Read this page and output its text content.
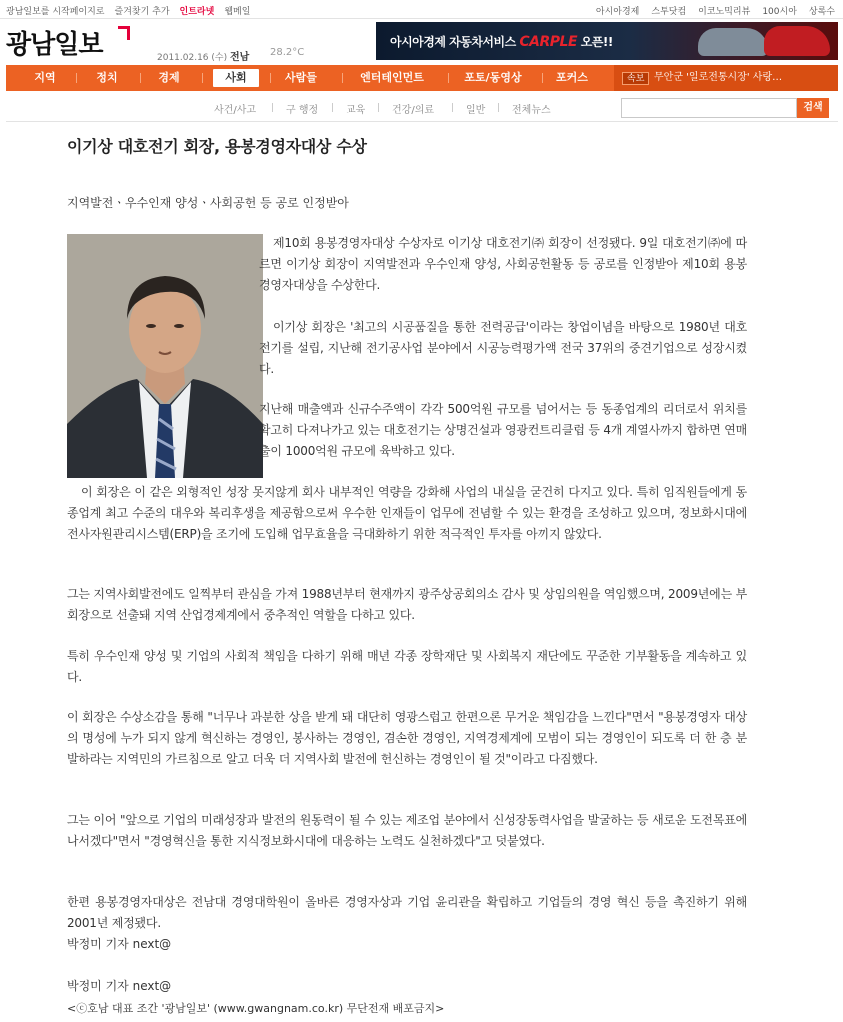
광남일보를 시작페이지로 즐겨찾기 추가 인트라넷 웹메일	아시아경제 스투닷컴 이코노믹리뷰 100시아 상록수
광남일보	2011.02.16 (수) 전남 28.2°C
아시아경제 자동차서비스 CARPLE 오픈!!
지역	정치	경제	사회	사람들	엔터테인먼트	포토/동영상	포커스	속보 무안군 '일로전통시장' 사랑…
사건/사고	구 행정	교육	건강/의료	일반	전체뉴스	검색
이기상 대호전기 회장, 용봉경영자대상 수상
지역발전ㆍ우수인재 양성ㆍ사회공헌 등 공로 인정받아
제10회 용봉경영자대상 수상자로 이기상 대호전기㈜ 회장이 선정됐다. 9일 대호전기㈜에 따르면 이기상 회장이 지역발전과 우수인재 양성, 사회공헌활동 등 공로를 인정받아 제10회 용봉경영자대상을 수상한다.
이기상 회장은 '최고의 시공품질을 통한 전력공급'이라는 창업이념을 바탕으로 1980년 대호전기를 설립, 지난해 전기공사업 분야에서 시공능력평가액 전국 37위의 중견기업으로 성장시켰다.
지난해 매출액과 신규수주액이 각각 500억원 규모를 넘어서는 등 동종업계의 리더로서 위치를 확고히 다져나가고 있는 대호전기는 상명건설과 영광컨트리클럽 등 4개 계열사까지 합하면 연매출이 1000억원 규모에 육박하고 있다.
이 회장은 이 같은 외형적인 성장 못지않게 회사 내부적인 역량을 강화해 사업의 내실을 굳건히 다지고 있다. 특히 임직원들에게 동종업계 최고 수준의 대우와 복리후생을 제공함으로써 우수한 인재들이 업무에 전념할 수 있는 환경을 조성하고 있으며, 정보화시대에 전사자원관리시스템(ERP)을 조기에 도입해 업무효율을 극대화하기 위한 적극적인 투자를 아끼지 않았다.
그는 지역사회발전에도 일찍부터 관심을 가져 1988년부터 현재까지 광주상공회의소 감사 및 상임의원을 역임했으며, 2009년에는 부회장으로 선출돼 지역 산업경제계에서 중추적인 역할을 다하고 있다.
특히 우수인재 양성 및 기업의 사회적 책임을 다하기 위해 매년 각종 장학재단 및 사회복지 재단에도 꾸준한 기부활동을 계속하고 있다.
이 회장은 수상소감을 통해 "너무나 과분한 상을 받게 돼 대단히 영광스럽고 한편으론 무거운 책임감을 느낀다"면서 "용봉경영자 대상의 명성에 누가 되지 않게 혁신하는 경영인, 봉사하는 경영인, 겸손한 경영인, 지역경제계에 모범이 되는 경영인이 되도록 더 한 층 분발하라는 지역민의 가르침으로 알고 더욱 더 지역사회 발전에 헌신하는 경영인이 될 것"이라고 다짐했다.
그는 이어 "앞으로 기업의 미래성장과 발전의 원동력이 될 수 있는 제조업 분야에서 신성장동력사업을 발굴하는 등 새로운 도전목표에 나서겠다"면서 "경영혁신을 통한 지식정보화시대에 대응하는 노력도 실천하겠다"고 덧붙였다.
한편 용봉경영자대상은 전남대 경영대학원이 올바른 경영자상과 기업 윤리관을 확립하고 기업들의 경영 혁신 등을 촉진하기 위해 2001년 제정됐다.
박정미 기자 next@
박정미 기자 next@
<ⓒ호남 대표 조간 '광남일보' (www.gwangnam.co.kr) 무단전재 배포금지>
